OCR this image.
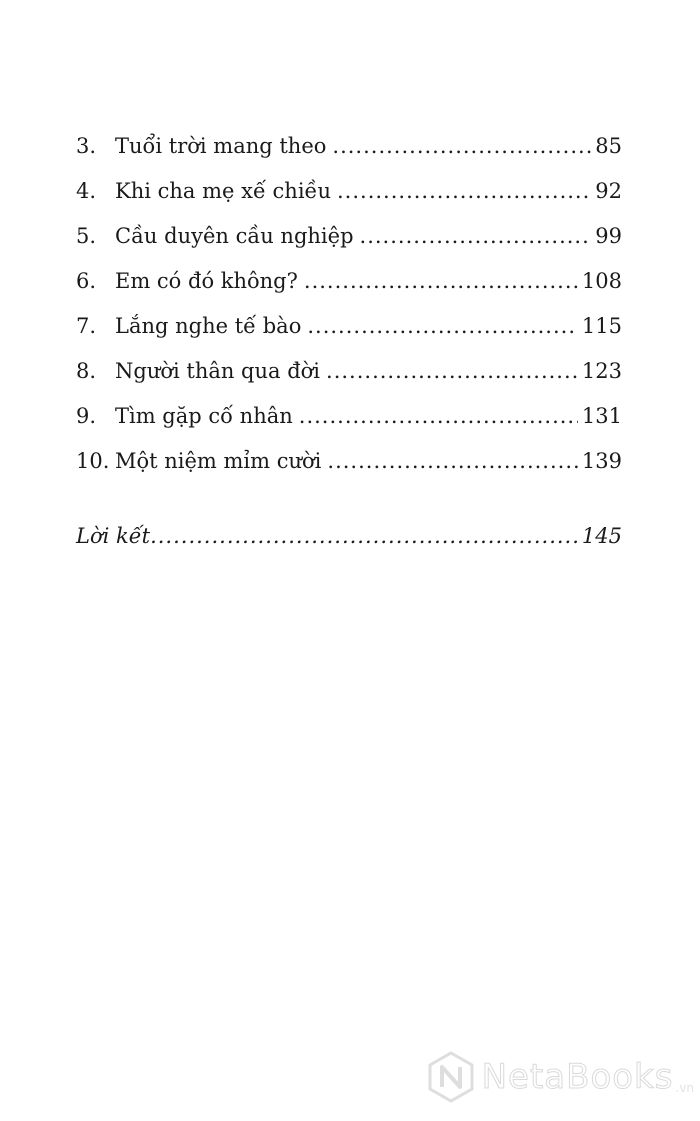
3. Tuổi trời mang theo .....	85
4. Khi cha mẹ xế chiều .....	92
5. Cầu duyên cầu nghiệp .....	99
6. Em có đó không? .....	108
7. Lắng nghe tế bào .....	115
8. Người thân qua đời .....	123
9. Tìm gặp cố nhân .....	131
10. Một niệm mỉm cười .....	139
Lời kết .....	145
NetaBooks .vn
